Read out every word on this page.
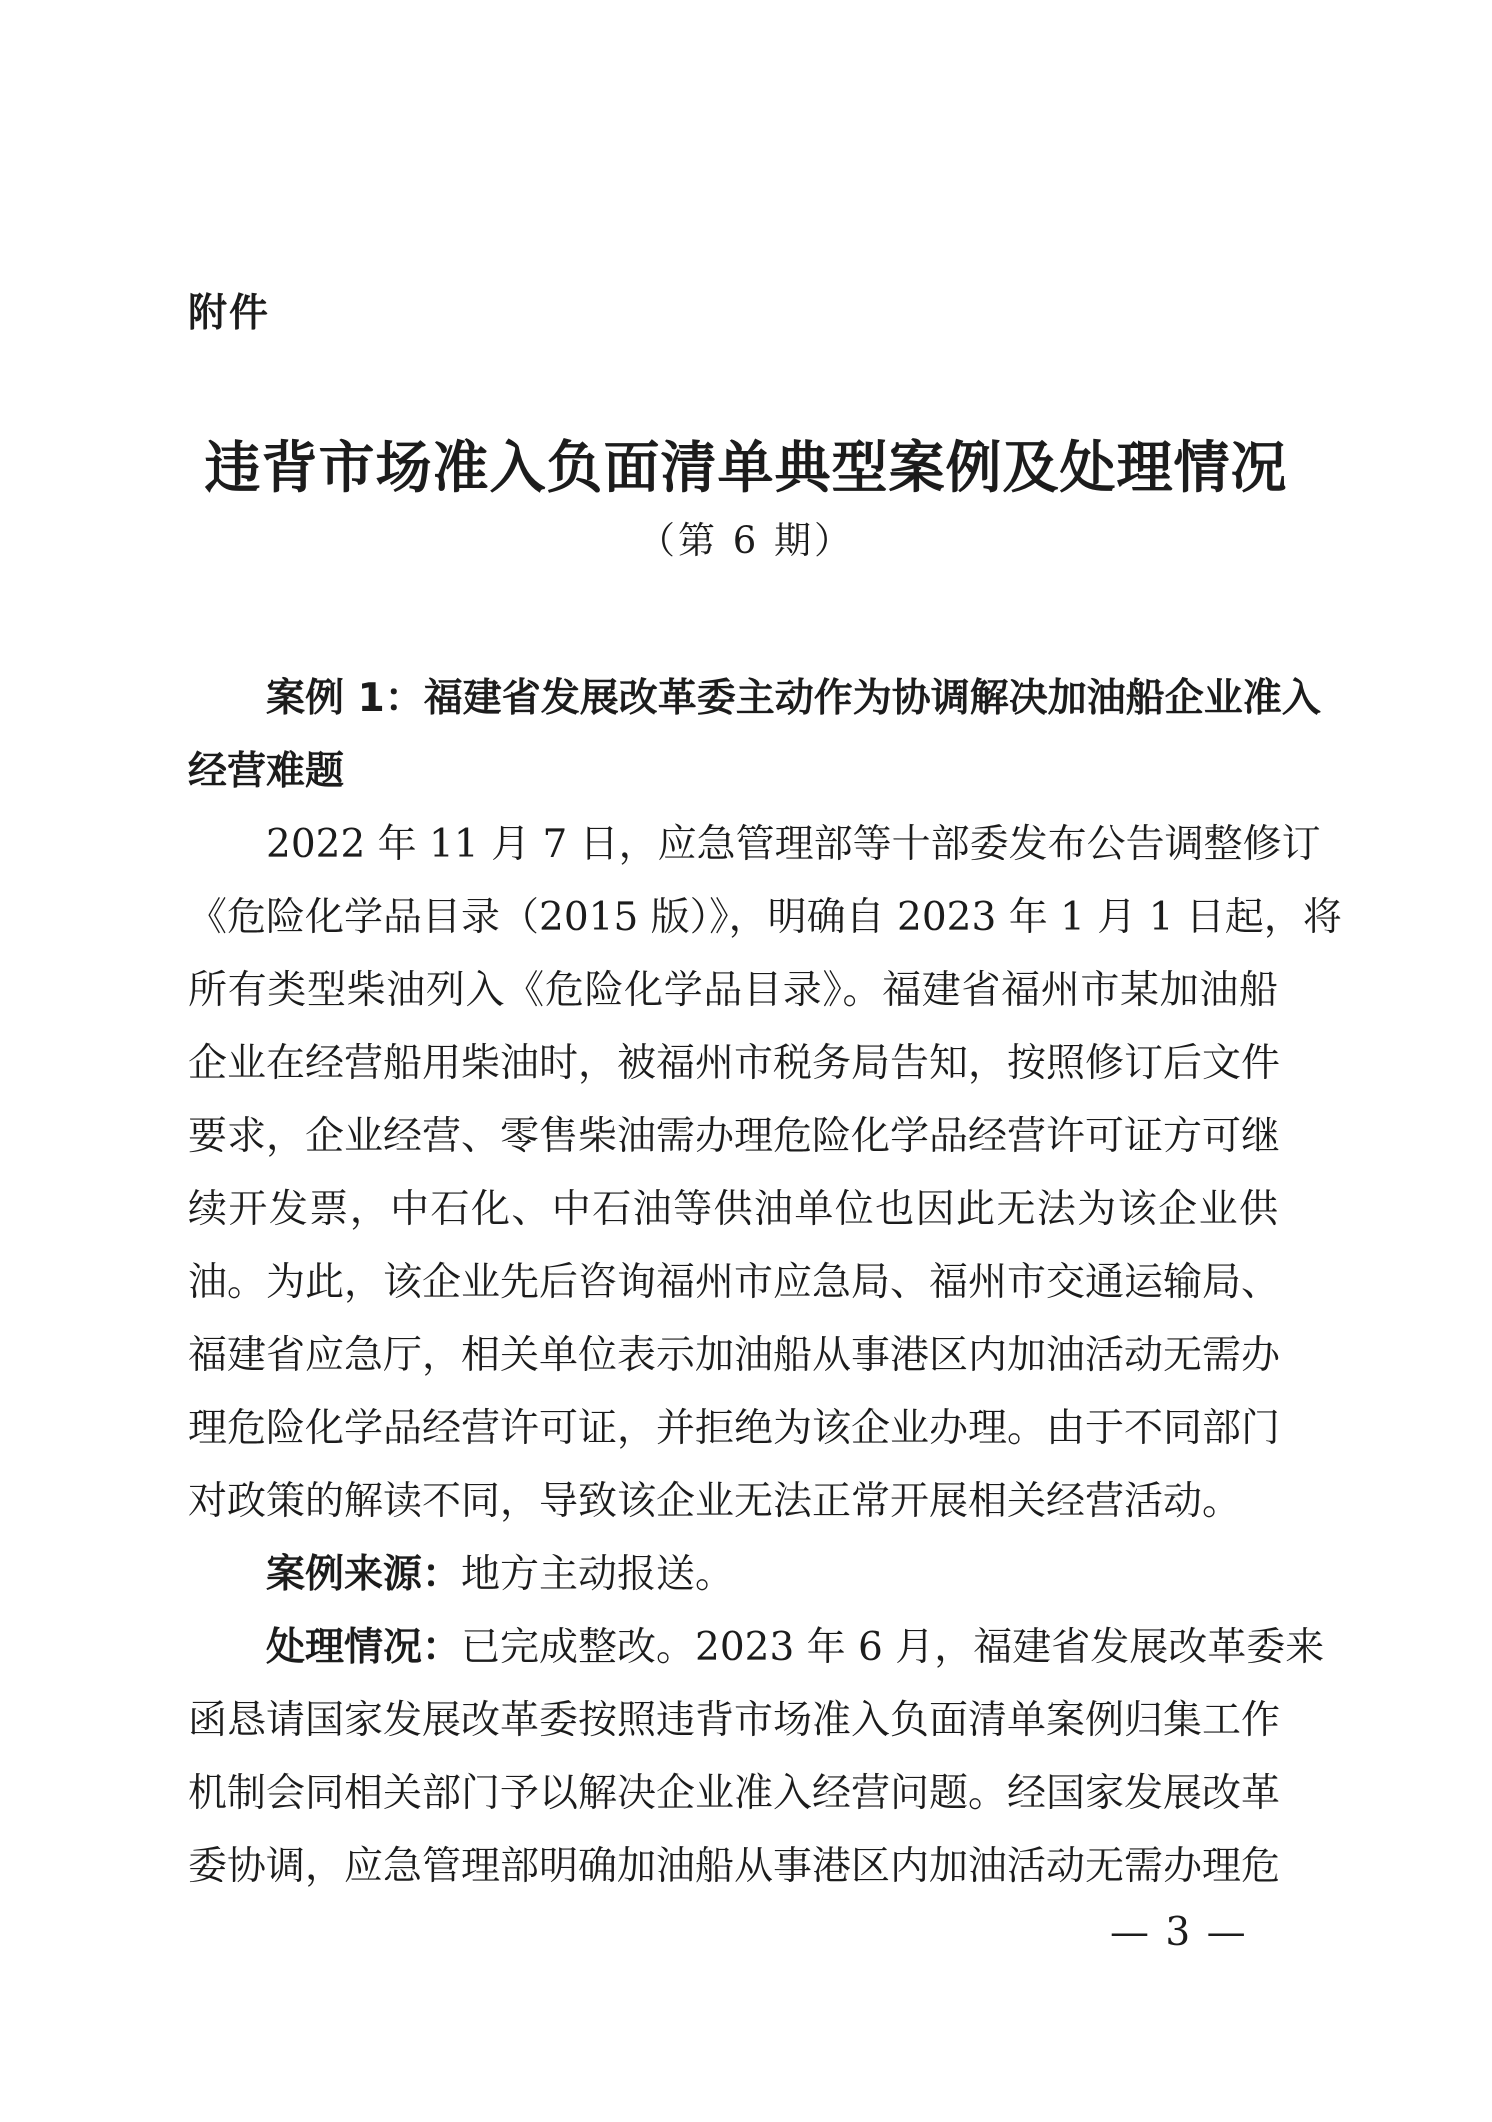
附件
违背市场准入负面清单典型案例及处理情况
（第 6 期）
案例 1：福建省发展改革委主动作为协调解决加油船企业准入
经营难题
2022 年 11 月 7 日，应急管理部等十部委发布公告调整修订
《危险化学品目录（2015 版）》，明确自 2023 年 1 月 1 日起，将
所有类型柴油列入《危险化学品目录》。福建省福州市某加油船
企业在经营船用柴油时，被福州市税务局告知，按照修订后文件
要求，企业经营、零售柴油需办理危险化学品经营许可证方可继
续开发票，中石化、中石油等供油单位也因此无法为该企业供
油。为此，该企业先后咨询福州市应急局、福州市交通运输局、
福建省应急厅，相关单位表示加油船从事港区内加油活动无需办
理危险化学品经营许可证，并拒绝为该企业办理。由于不同部门
对政策的解读不同，导致该企业无法正常开展相关经营活动。
案例来源：地方主动报送。
处理情况：已完成整改。2023 年 6 月，福建省发展改革委来
函恳请国家发展改革委按照违背市场准入负面清单案例归集工作
机制会同相关部门予以解决企业准入经营问题。经国家发展改革
委协调，应急管理部明确加油船从事港区内加油活动无需办理危
— 3 —
